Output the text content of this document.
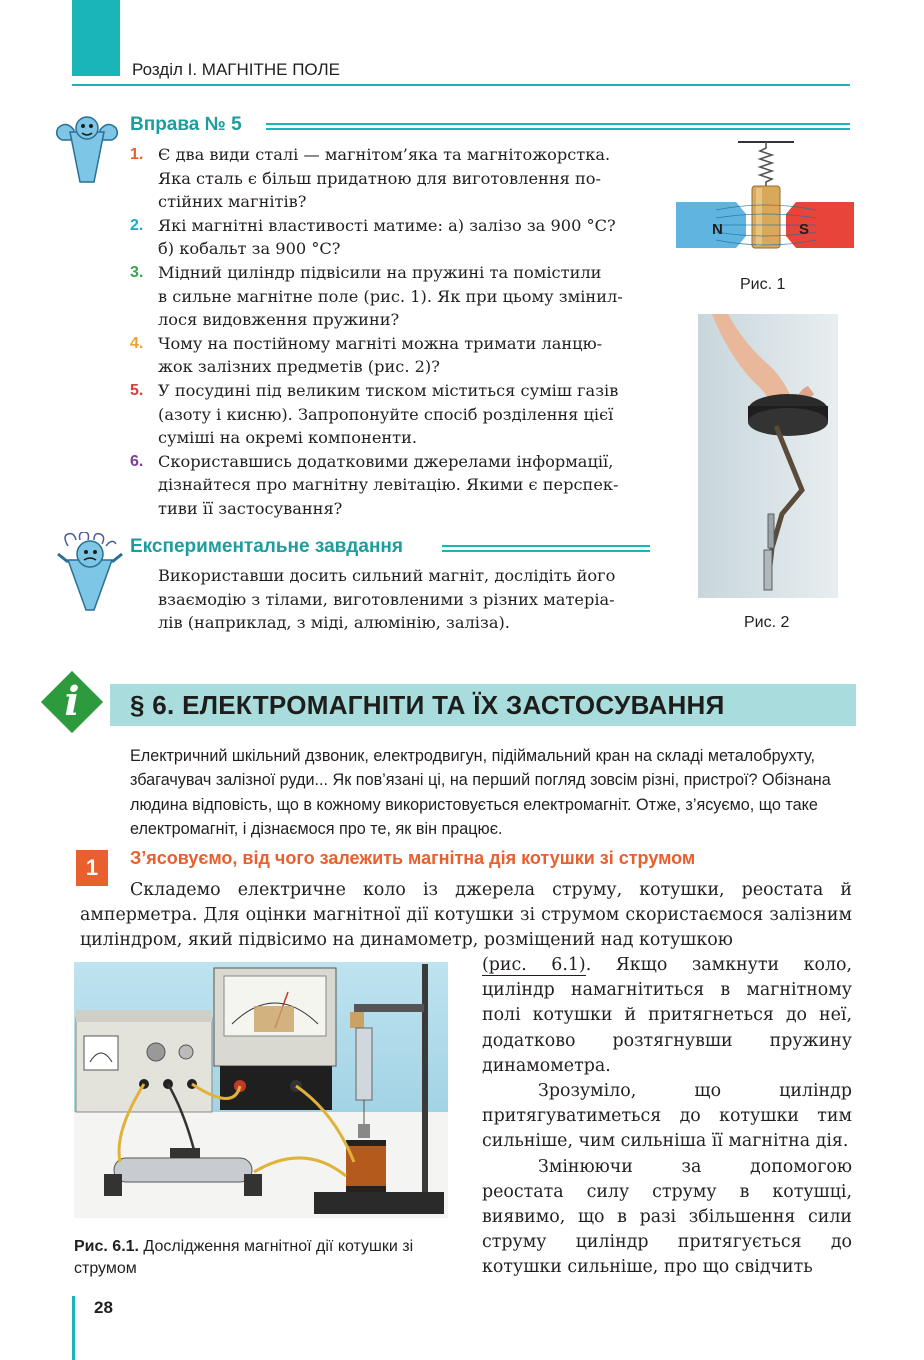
Розділ I. МАГНІТНЕ ПОЛЕ
Вправа № 5
1. Є два види сталі — магнітом’яка та магнітожорстка.
Яка сталь є більш придатною для виготовлення по-
стійних магнітів?
2. Які магнітні властивості матиме: а) залізо за 900 °С?
б) кобальт за 900 °С?
3. Мідний циліндр підвісили на пружині та помістили
в сильне магнітне поле (рис. 1). Як при цьому змінил-
лося видовження пружини?
4. Чому на постійному магніті можна тримати ланцю-
жок залізних предметів (рис. 2)?
5. У посудині під великим тиском міститься суміш газів
(азоту і кисню). Запропонуйте спосіб розділення цієї
суміші на окремі компоненти.
6. Скориставшись додатковими джерелами інформації,
дізнайтеся про магнітну левітацію. Якими є перспек-
тиви її застосування?
N	S
Рис. 1
Рис. 2
Експериментальне завдання
Використавши досить сильний магніт, дослідіть його
взаємодію з тілами, виготовленими з різних матеріа-
лів (наприклад, з міді, алюмінію, заліза).
i	§ 6. ЕЛЕКТРОМАГНІТИ ТА ЇХ ЗАСТОСУВАННЯ
Електричний шкільний дзвоник, електродвигун, підіймальний кран на складі металобрухту, збагачувач залізної руди... Як пов’язані ці, на перший погляд зовсім різні, пристрої? Обізнана людина відповість, що в кожному використовується електромагніт. Отже, з’ясуємо, що таке електромагніт, і дізнаємося про те, як він працює.
1	З’ясовуємо, від чого залежить магнітна дія котушки зі струмом

Складемо електричне коло із джерела струму, котушки, реостата й амперметра. Для оцінки магнітної дії котушки зі струмом скористаємося залізним циліндром, який підвісимо на динамометр, розміщений над котушкою

Рис. 6.1. Дослідження магнітної дії котушки зі струмом

(рис. 6.1). Якщо замкнути коло, циліндр намагнітиться в магнітному полі котушки й притягнеться до неї, додатково розтягнувши пружину динамометра.

Зрозуміло, що циліндр притягуватиметься до котушки тим сильніше, чим сильніша її магнітна дія.

Змінюючи за допомогою реостата силу струму в котушці, виявимо, що в разі збільшення сили струму циліндр притягується до котушки сильніше, про що свідчить

28
